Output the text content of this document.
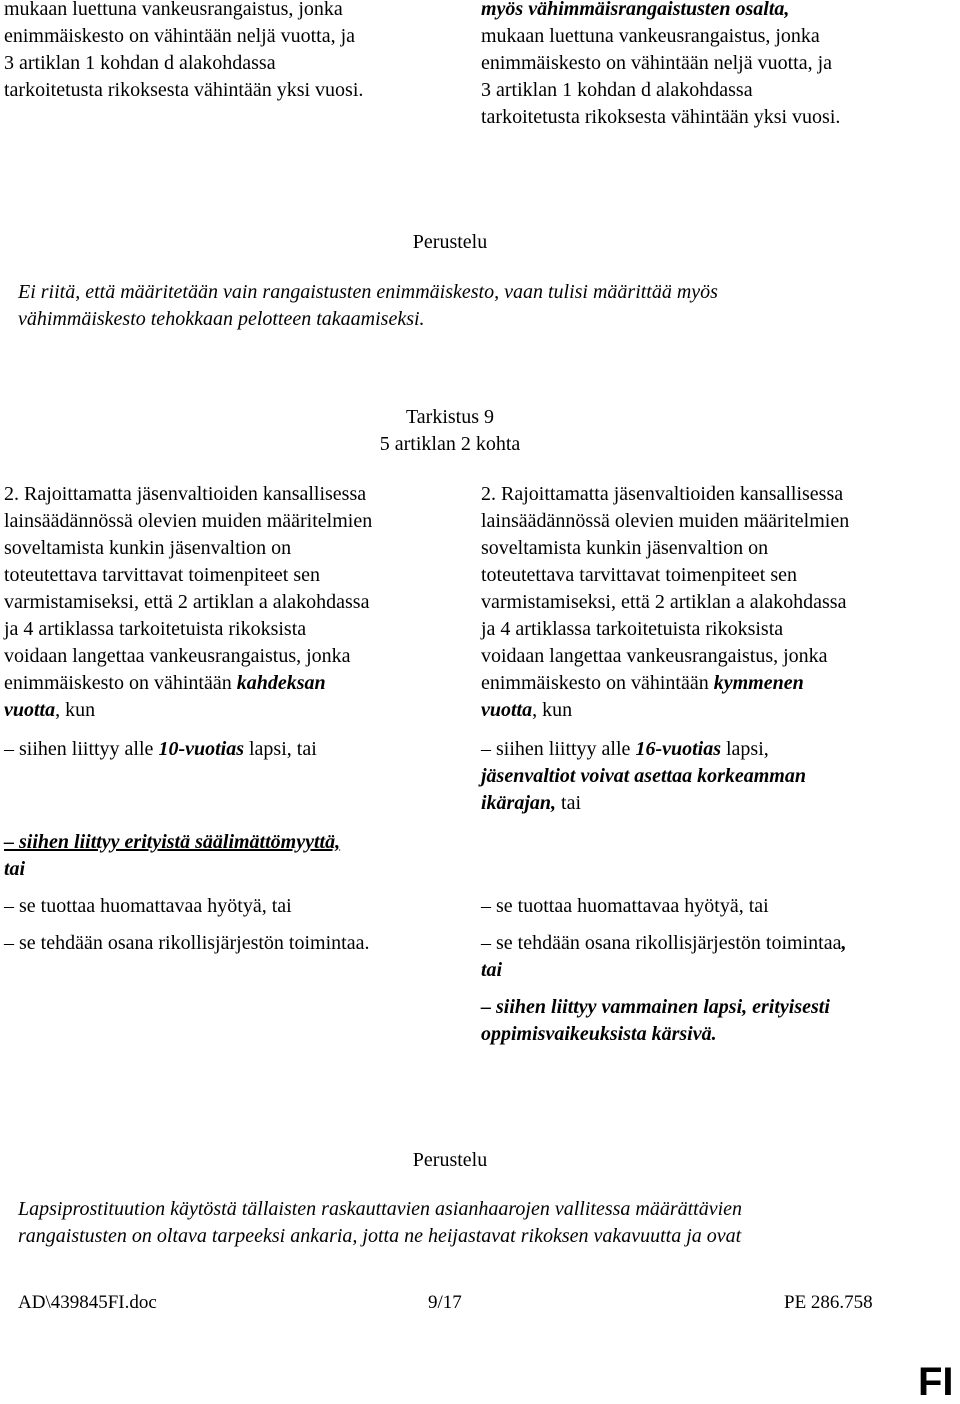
mukaan luettuna vankeusrangaistus, jonka
enimmäiskesto on vähintään neljä vuotta, ja
3 artiklan 1 kohdan d alakohdassa
tarkoitetusta rikoksesta vähintään yksi vuosi.
myös vähimmäisrangaistusten osalta,
mukaan luettuna vankeusrangaistus, jonka
enimmäiskesto on vähintään neljä vuotta, ja
3 artiklan 1 kohdan d alakohdassa
tarkoitetusta rikoksesta vähintään yksi vuosi.
Perustelu
Ei riitä, että määritetään vain rangaistusten enimmäiskesto, vaan tulisi määrittää myös
vähimmäiskesto tehokkaan pelotteen takaamiseksi.
Tarkistus 9
5 artiklan 2 kohta
2. Rajoittamatta jäsenvaltioiden kansallisessa
lainsäädännössä olevien muiden määritelmien
soveltamista kunkin jäsenvaltion on
toteutettava tarvittavat toimenpiteet sen
varmistamiseksi, että 2 artiklan a alakohdassa
ja 4 artiklassa tarkoitetuista rikoksista
voidaan langettaa vankeusrangaistus, jonka
enimmäiskesto on vähintään kahdeksan
vuotta, kun
– siihen liittyy alle 10-vuotias lapsi, tai
– siihen liittyy erityistä säälimättömyyttä,
tai
– se tuottaa huomattavaa hyötyä, tai
– se tehdään osana rikollisjärjestön toimintaa.
2. Rajoittamatta jäsenvaltioiden kansallisessa
lainsäädännössä olevien muiden määritelmien
soveltamista kunkin jäsenvaltion on
toteutettava tarvittavat toimenpiteet sen
varmistamiseksi, että 2 artiklan a alakohdassa
ja 4 artiklassa tarkoitetuista rikoksista
voidaan langettaa vankeusrangaistus, jonka
enimmäiskesto on vähintään kymmenen
vuotta, kun
– siihen liittyy alle 16-vuotias lapsi,
jäsenvaltiot voivat asettaa korkeamman
ikärajan, tai
– se tuottaa huomattavaa hyötyä, tai
– se tehdään osana rikollisjärjestön toimintaa,
tai
– siihen liittyy vammainen lapsi, erityisesti
oppimisvaikeuksista kärsivä.
Perustelu
Lapsiprostituution käytöstä tällaisten raskauttavien asianhaarojen vallitessa määrättävien
rangaistusten on oltava tarpeeksi ankaria, jotta ne heijastavat rikoksen vakavuutta ja ovat
AD\439845FI.doc	9/17	PE 286.758
FI
